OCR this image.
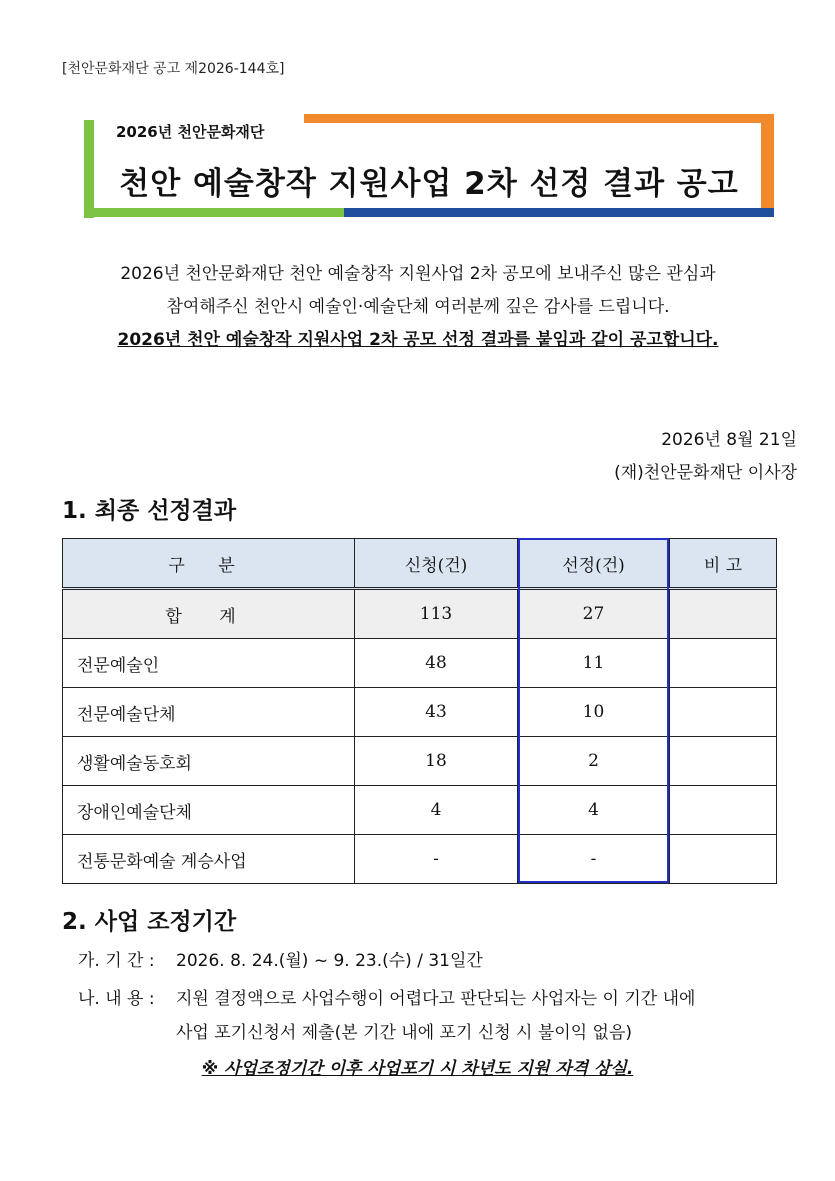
[천안문화재단 공고 제2026-144호]
2026년 천안문화재단
천안 예술창작 지원사업 2차 선정 결과 공고
2026년 천안문화재단 천안 예술창작 지원사업 2차 공모에 보내주신 많은 관심과
참여해주신 천안시 예술인·예술단체 여러분께 깊은 감사를 드립니다.
2026년 천안 예술창작 지원사업 2차 공모 선정 결과를 붙임과 같이 공고합니다.
2026년 8월 21일
(재)천안문화재단 이사장
1. 최종 선정결과
구 분	신청(건)	선정(건)	비 고
합 계	113	27	
전문예술인	48	11	
전문예술단체	43	10	
생활예술동호회	18	2	
장애인예술단체	4	4	
전통문화예술 계승사업	-	-	
2. 사업 조정기간
가. 기 간 : 2026. 8. 24.(월) ~ 9. 23.(수) / 31일간
나. 내 용 : 지원 결정액으로 사업수행이 어렵다고 판단되는 사업자는 이 기간 내에
사업 포기신청서 제출(본 기간 내에 포기 신청 시 불이익 없음)
※ 사업조정기간 이후 사업포기 시 차년도 지원 자격 상실.
